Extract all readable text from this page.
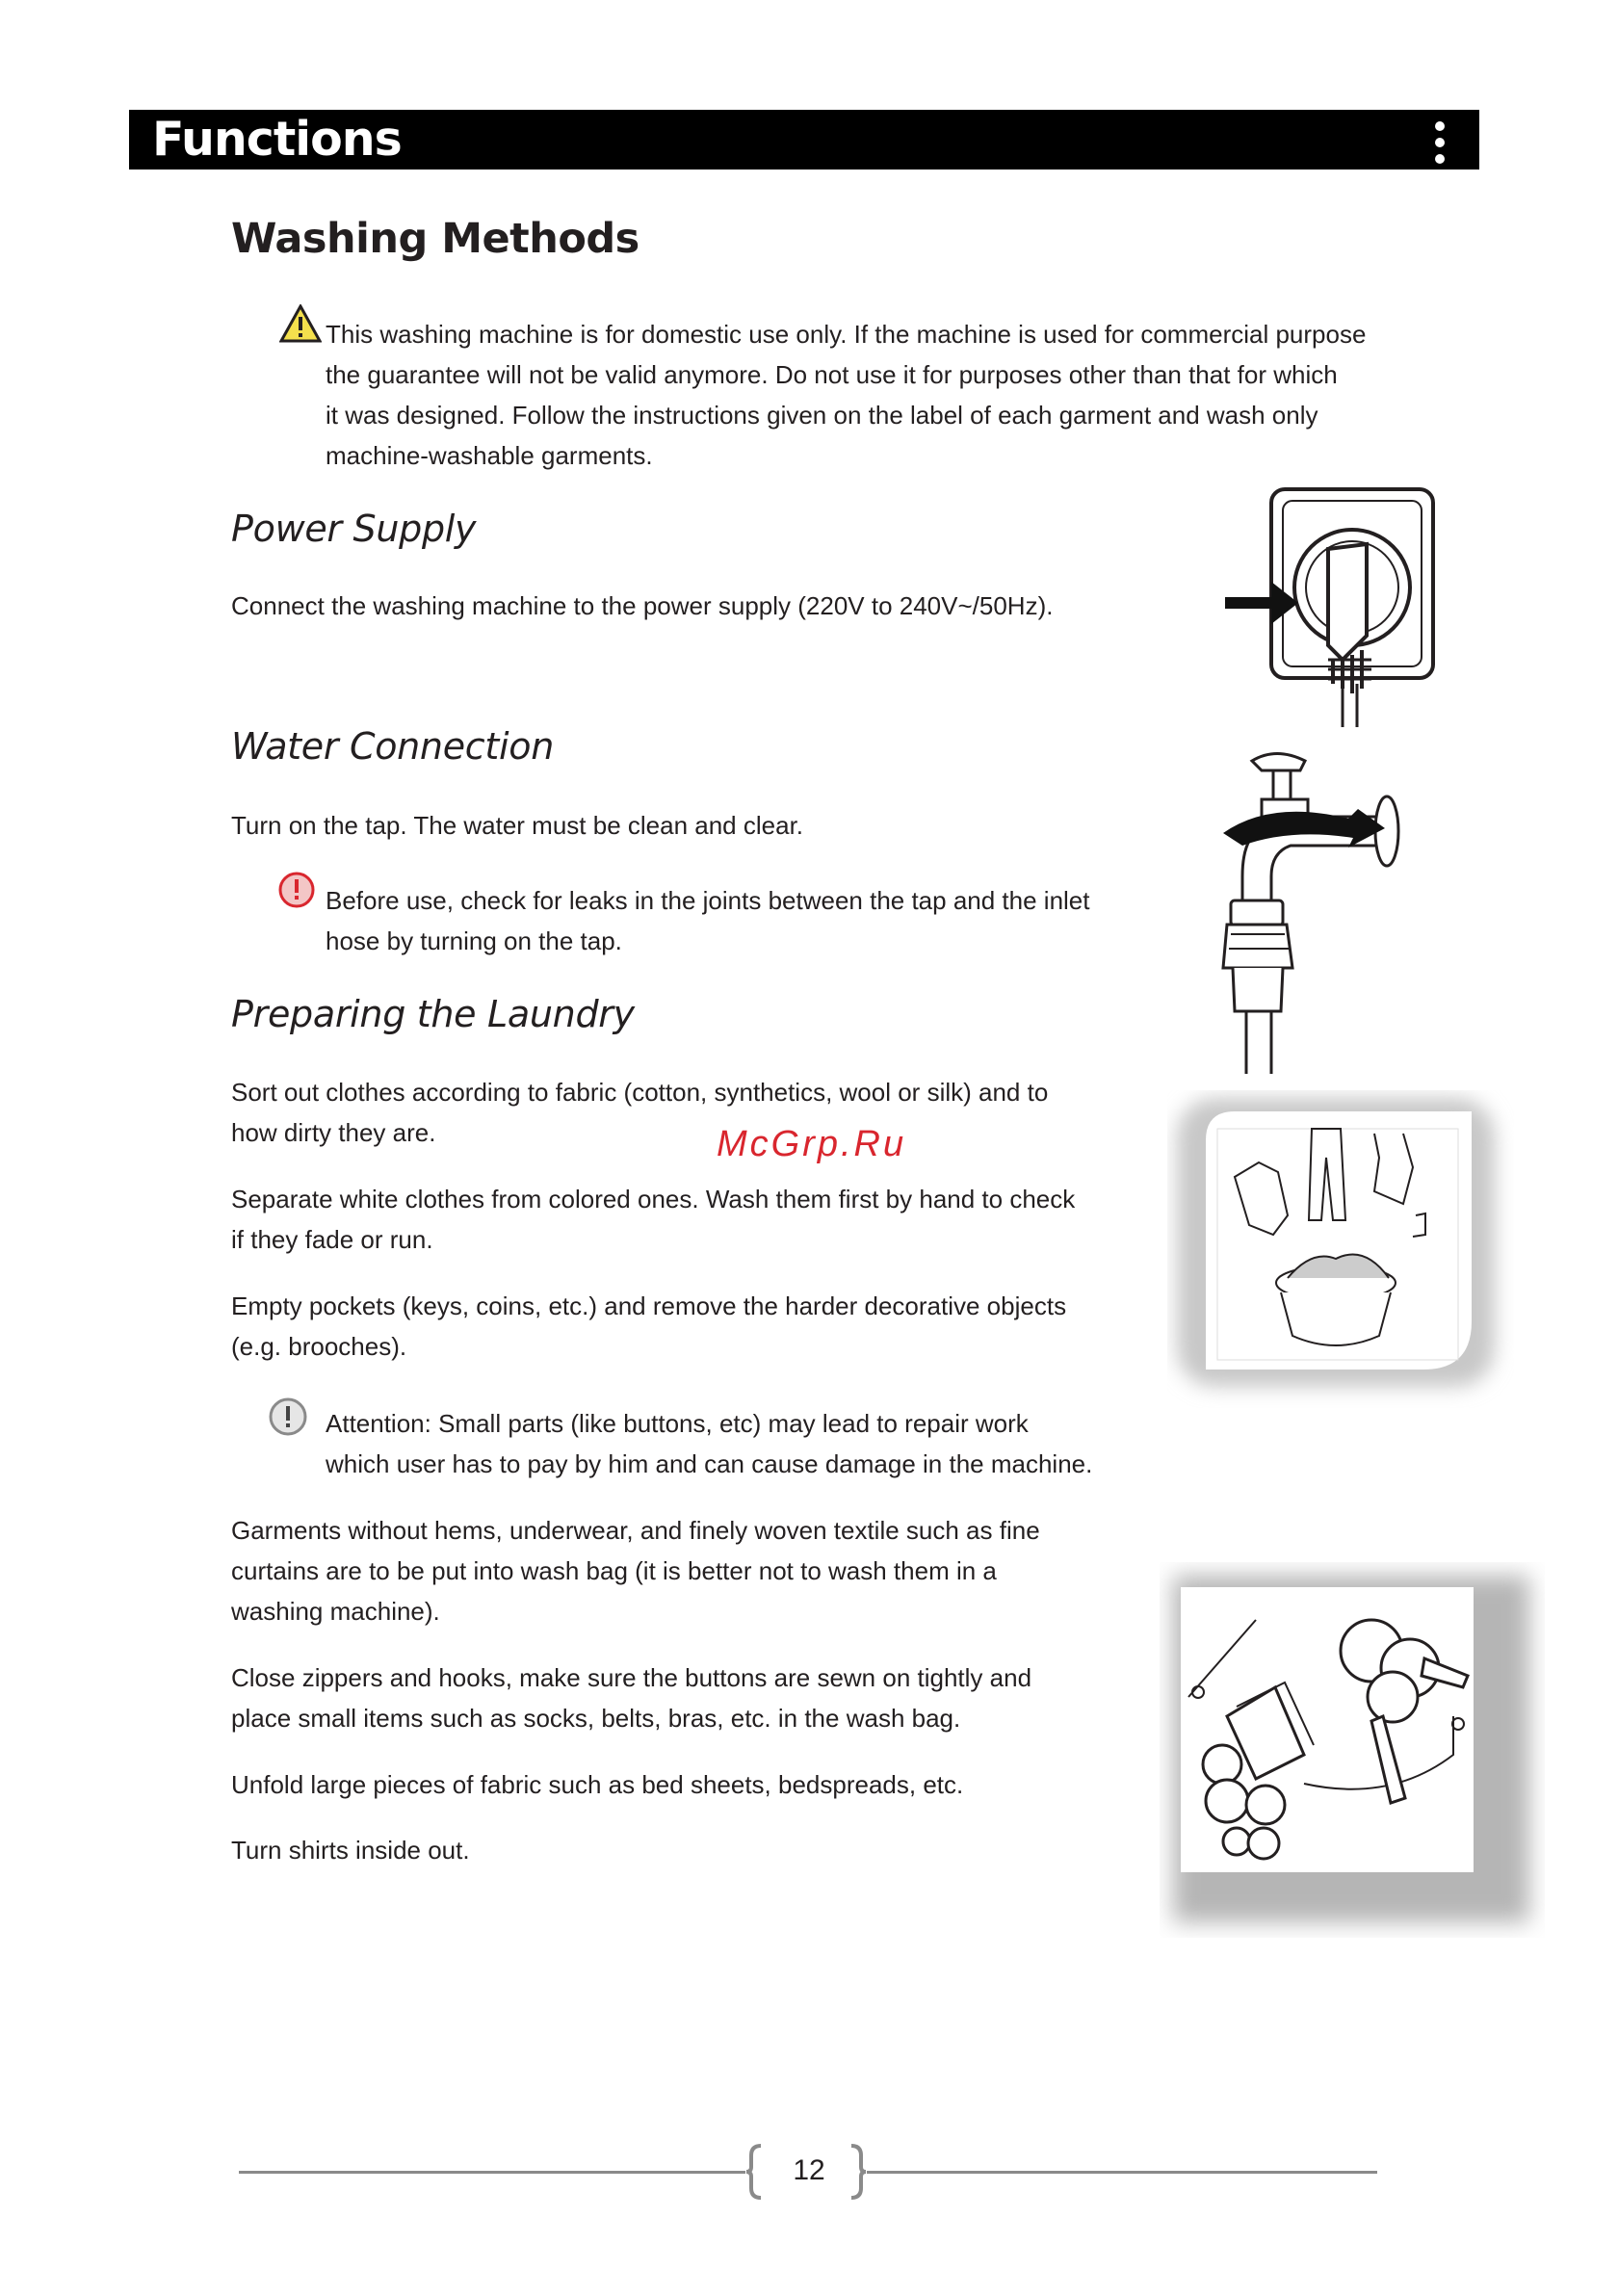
Functions
Washing Methods
This washing machine is for domestic use only. If the machine is used for commercial purpose
the guarantee will not be valid anymore. Do not use it for purposes other than that for which
it was designed. Follow the instructions given on the label of each garment and wash only
machine-washable garments.
Power Supply
Connect the washing machine to the power supply (220V to 240V~/50Hz).
Water Connection
Turn on the tap. The water must be clean and clear.
Before use, check for leaks in the joints between the tap and the inlet
hose by turning on the tap.
Preparing the Laundry
Sort out clothes according to fabric (cotton, synthetics, wool or silk) and to
how dirty they are.	McGrp.Ru
Separate white clothes from colored ones. Wash them first by hand to check
if they fade or run.
Empty pockets (keys, coins, etc.) and remove the harder decorative objects
(e.g. brooches).
Attention: Small parts (like buttons, etc) may lead to repair work
which user has to pay by him and can cause damage in the machine.
Garments without hems, underwear, and finely woven textile such as fine
curtains are to be put into wash bag (it is better not to wash them in a
washing machine).
Close zippers and hooks, make sure the buttons are sewn on tightly and
place small items such as socks, belts, bras, etc. in the wash bag.
Unfold large pieces of fabric such as bed sheets, bedspreads, etc.
Turn shirts inside out.
12
